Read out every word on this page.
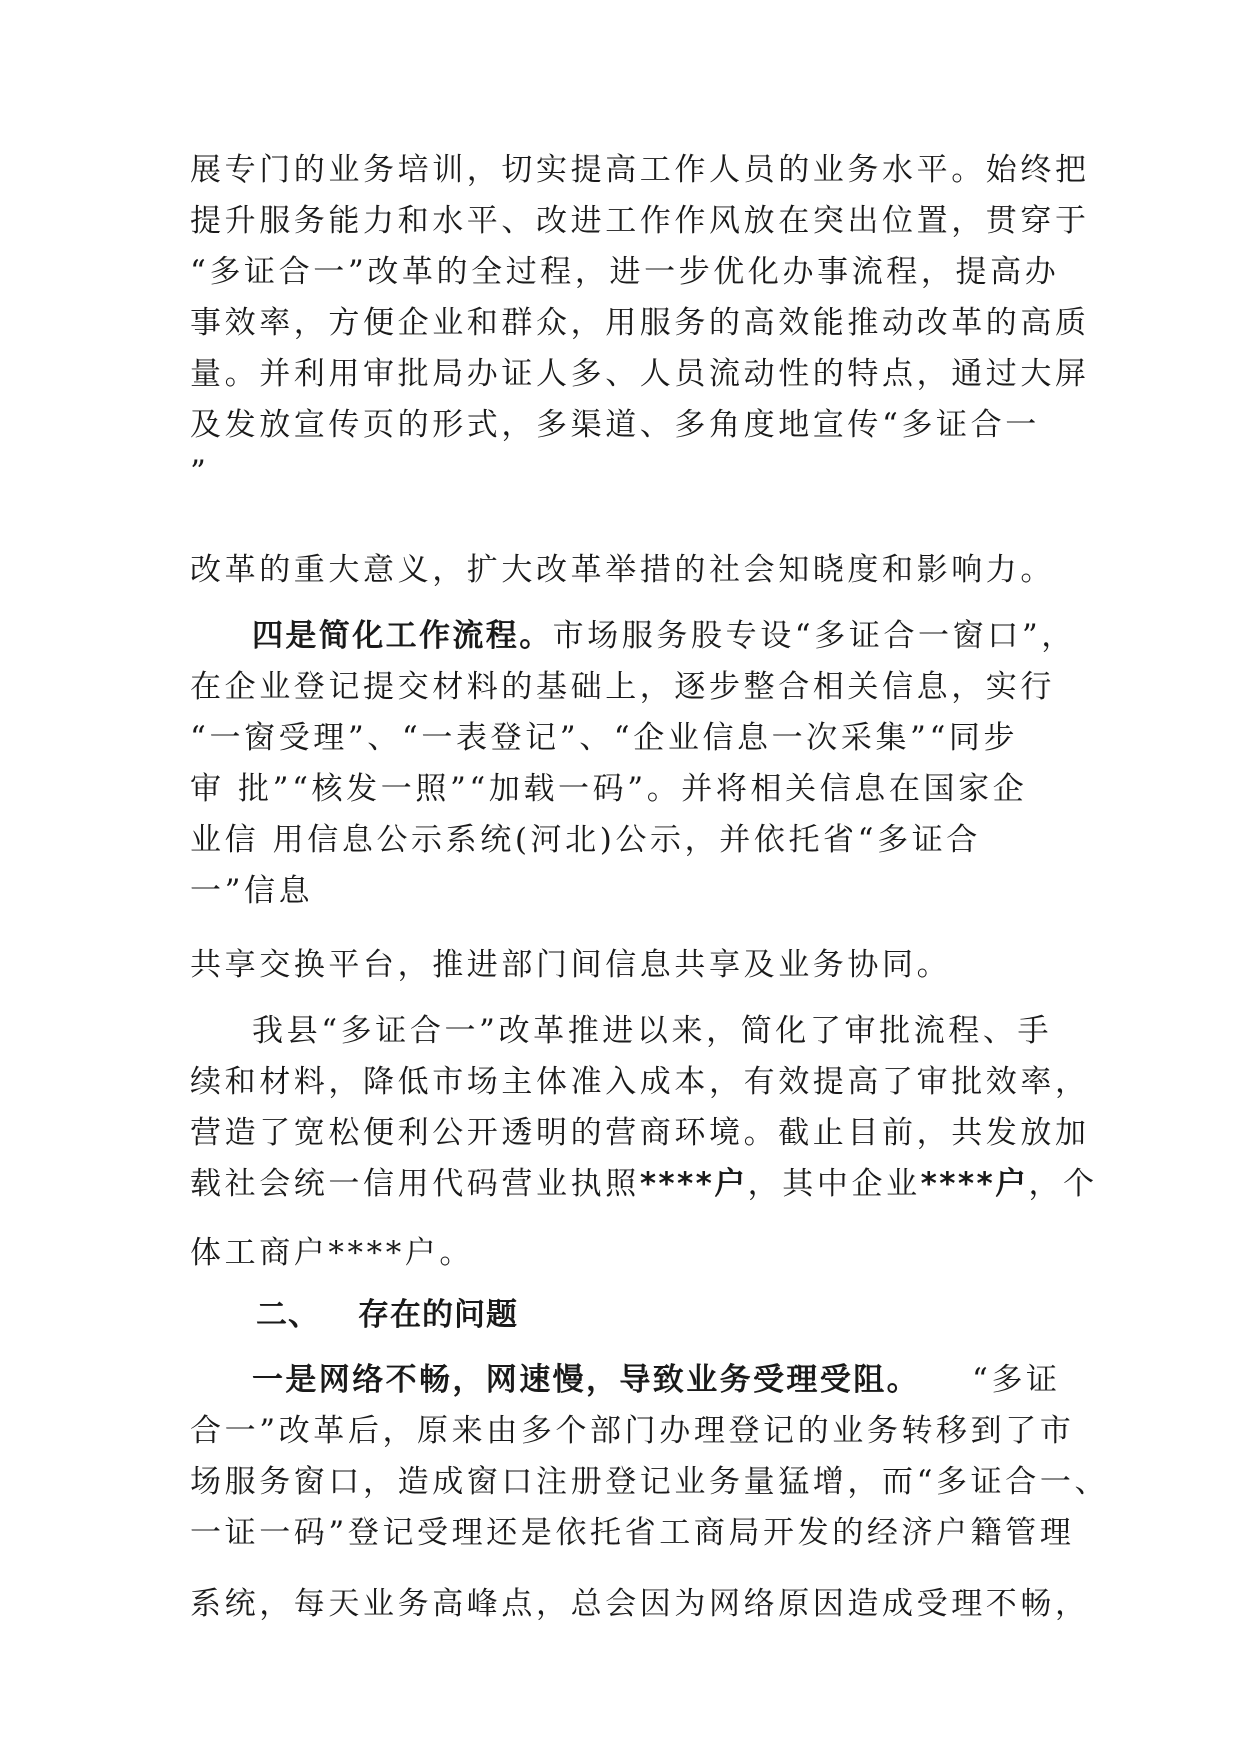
展专门的业务培训，切实提高工作人员的业务水平。始终把
提升服务能力和水平、改进工作作风放在突出位置，贯穿于
“多证合一”改革的全过程，进一步优化办事流程，提高办
事效率，方便企业和群众，用服务的高效能推动改革的高质
量。并利用审批局办证人多、人员流动性的特点，通过大屏
及发放宣传页的形式，多渠道、多角度地宣传“多证合一
”
改革的重大意义，扩大改革举措的社会知晓度和影响力。
四是简化工作流程。市场服务股专设“多证合一窗口”，
在企业登记提交材料的基础上，逐步整合相关信息，实行
“一窗受理”、“一表登记”、“企业信息一次采集”“同步
审 批”“核发一照”“加载一码”。并将相关信息在国家企
业信 用信息公示系统(河北)公示，并依托省“多证合
一”信息
共享交换平台，推进部门间信息共享及业务协同。
我县“多证合一”改革推进以来，简化了审批流程、手
续和材料，降低市场主体准入成本，有效提高了审批效率，
营造了宽松便利公开透明的营商环境。截止目前，共发放加
载社会统一信用代码营业执照****户，其中企业****户，个
体工商户****户。
二、 存在的问题
一是网络不畅，网速慢，导致业务受理受阻。 “多证
合一”改革后，原来由多个部门办理登记的业务转移到了市
场服务窗口，造成窗口注册登记业务量猛增，而“多证合一、
一证一码”登记受理还是依托省工商局开发的经济户籍管理
系统，每天业务高峰点，总会因为网络原因造成受理不畅，
